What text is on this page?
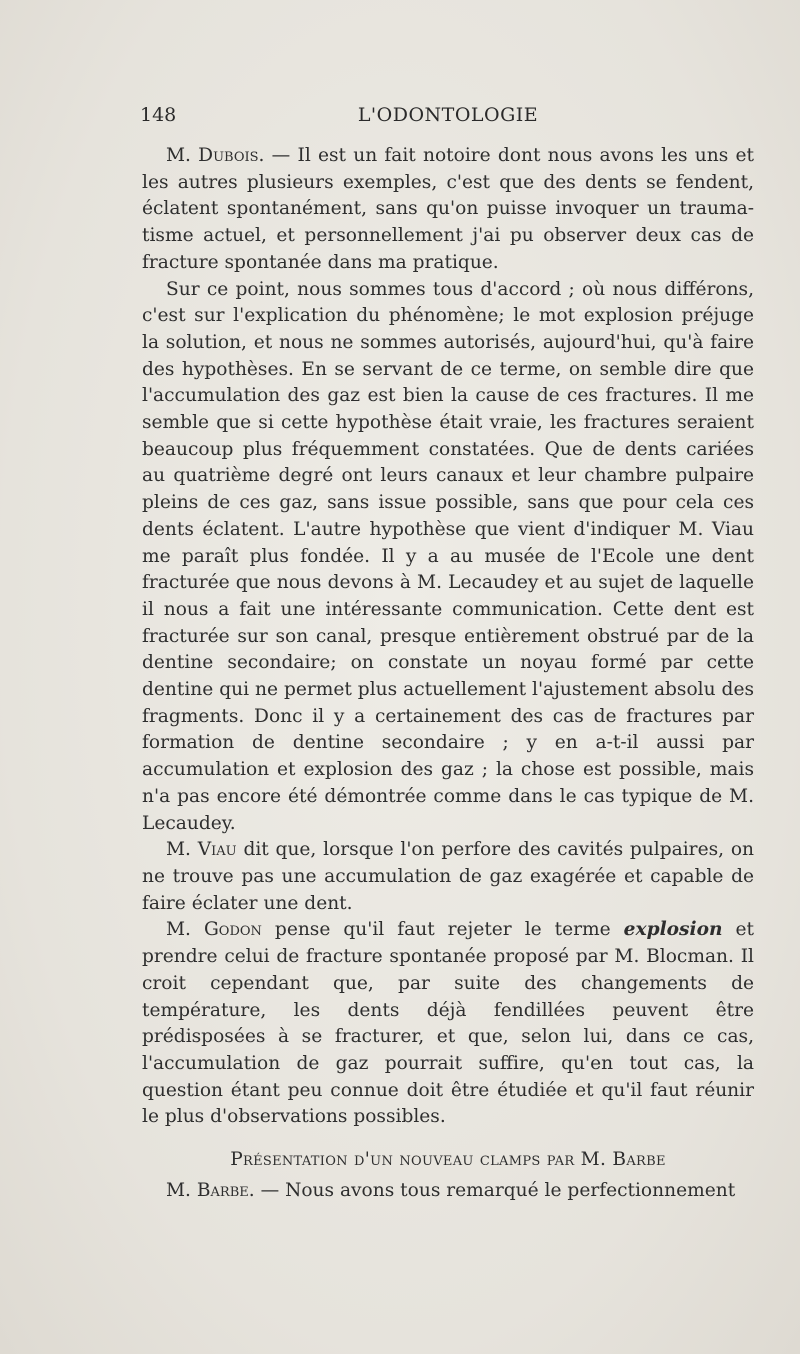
148	L'ODONTOLOGIE

M. Dubois. — Il est un fait notoire dont nous avons les uns et les autres plusieurs exemples, c'est que des dents se fendent, éclatent spontanément, sans qu'on puisse invoquer un traumatisme actuel, et personnellement j'ai pu observer deux cas de fracture spontanée dans ma pratique.

Sur ce point, nous sommes tous d'accord ; où nous différons, c'est sur l'explication du phénomène; le mot explosion préjuge la solution, et nous ne sommes autorisés, aujourd'hui, qu'à faire des hypothèses. En se servant de ce terme, on semble dire que l'accumulation des gaz est bien la cause de ces fractures. Il me semble que si cette hypothèse était vraie, les fractures seraient beaucoup plus fréquemment constatées. Que de dents cariées au quatrième degré ont leurs canaux et leur chambre pulpaire pleins de ces gaz, sans issue possible, sans que pour cela ces dents éclatent. L'autre hypothèse que vient d'indiquer M. Viau me paraît plus fondée. Il y a au musée de l'Ecole une dent fracturée que nous devons à M. Lecaudey et au sujet de laquelle il nous a fait une intéressante communication. Cette dent est fracturée sur son canal, presque entièrement obstrué par de la dentine secondaire; on constate un noyau formé par cette dentine qui ne permet plus actuellement l'ajustement absolu des fragments. Donc il y a certainement des cas de fractures par formation de dentine secondaire ; y en a-t-il aussi par accumulation et explosion des gaz ; la chose est possible, mais n'a pas encore été démontrée comme dans le cas typique de M. Lecaudey.

M. Viau dit que, lorsque l'on perfore des cavités pulpaires, on ne trouve pas une accumulation de gaz exagérée et capable de faire éclater une dent.

M. Godon pense qu'il faut rejeter le terme explosion et prendre celui de fracture spontanée proposé par M. Blocman. Il croit cependant que, par suite des changements de température, les dents déjà fendillées peuvent être prédisposées à se fracturer, et que, selon lui, dans ce cas, l'accumulation de gaz pourrait suffire, qu'en tout cas, la question étant peu connue doit être étudiée et qu'il faut réunir le plus d'observations possibles.

Présentation d'un nouveau clamps par M. Barbe

M. Barbe. — Nous avons tous remarqué le perfectionnement
